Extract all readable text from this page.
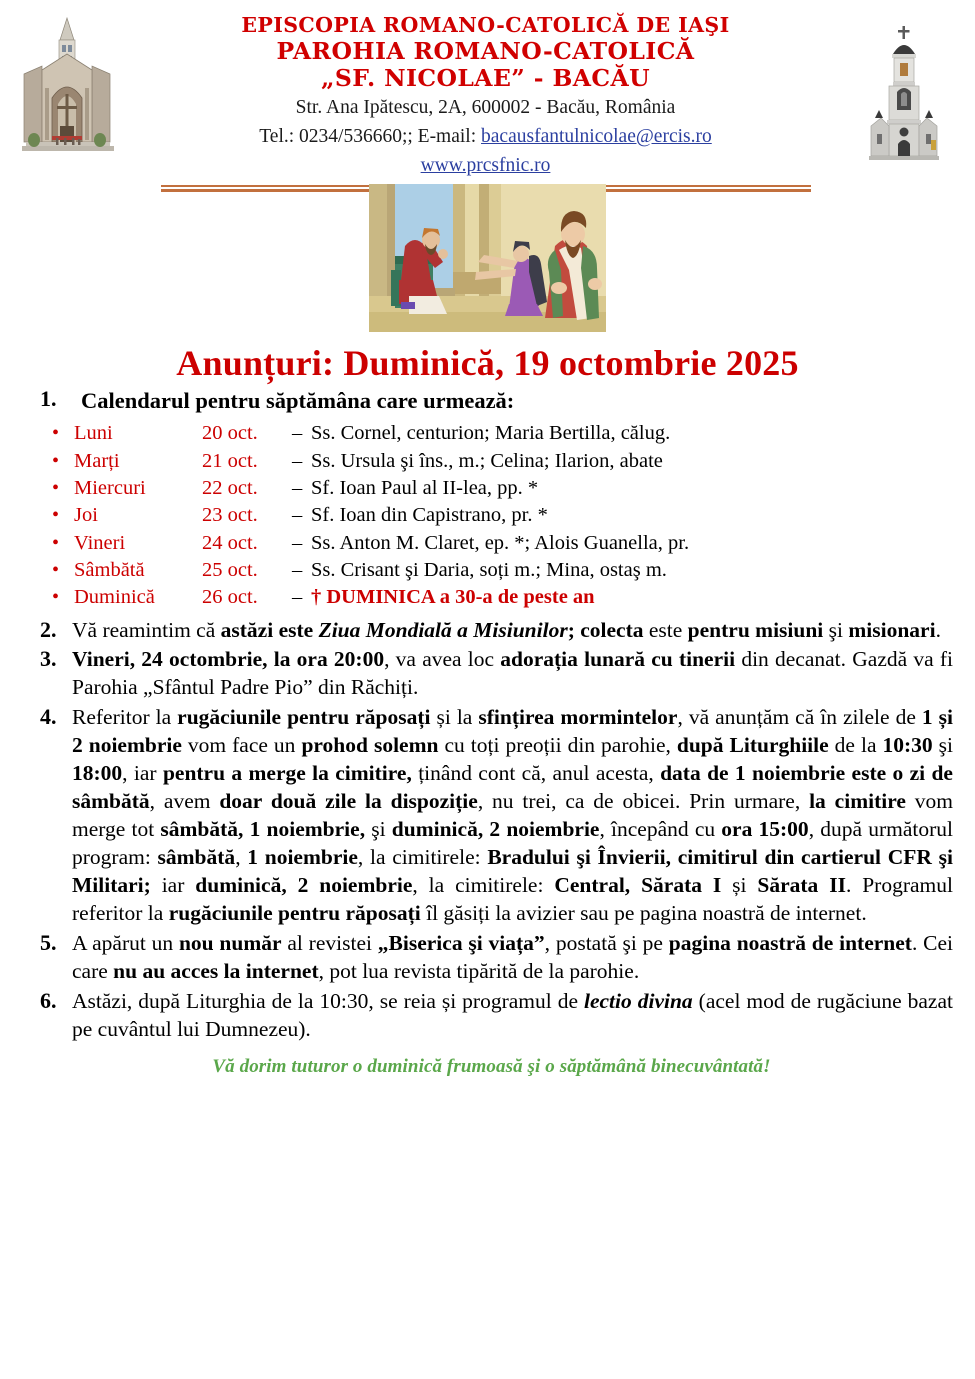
EPISCOPIA ROMANO-CATOLICĂ DE IAŞI
PAROHIA ROMANO-CATOLICĂ
„SF. NICOLAE” - BACĂU
Str. Ana Ipătescu, 2A, 600002 - Bacău, România
Tel.: 0234/536660;; E-mail: bacausfantulnicolae@ercis.ro
www.prcsfnic.ro
Anunțuri: Duminică, 19 octombrie 2025
1.	Calendarul pentru săptămâna care urmează:
•	Luni	20 oct.	–	Ss. Cornel, centurion; Maria Bertilla, călug.
•	Marți	21 oct.	–	Ss. Ursula şi îns., m.; Celina; Ilarion, abate
•	Miercuri	22 oct.	–	Sf. Ioan Paul al II-lea, pp. *
•	Joi	23 oct.	–	Sf. Ioan din Capistrano, pr. *
•	Vineri	24 oct.	–	Ss. Anton M. Claret, ep. *; Alois Guanella, pr.
•	Sâmbătă	25 oct.	–	Ss. Crisant şi Daria, soți m.; Mina, ostaş m.
•	Duminică	26 oct.	–	† DUMINICA a 30-a de peste an
2. Vă reamintim că astăzi este Ziua Mondială a Misiunilor; colecta este pentru misiuni şi misionari.
3. Vineri, 24 octombrie, la ora 20:00, va avea loc adorația lunară cu tinerii din decanat. Gazdă va fi Parohia „Sfântul Padre Pio” din Răchiți.
4. Referitor la rugăciunile pentru răposați și la sfințirea mormintelor, vă anunțăm că în zilele de 1 și 2 noiembrie vom face un prohod solemn cu toți preoții din parohie, după Liturghiile de la 10:30 şi 18:00, iar pentru a merge la cimitire, ținând cont că, anul acesta, data de 1 noiembrie este o zi de sâmbătă, avem doar două zile la dispoziție, nu trei, ca de obicei. Prin urmare, la cimitire vom merge tot sâmbătă, 1 noiembrie, şi duminică, 2 noiembrie, începând cu ora 15:00, după următorul program: sâmbătă, 1 noiembrie, la cimitirele: Bradului şi Învierii, cimitirul din cartierul CFR şi Militari; iar duminică, 2 noiembrie, la cimitirele: Central, Sărata I și Sărata II. Programul referitor la rugăciunile pentru răposați îl găsiți la avizier sau pe pagina noastră de internet.
5. A apărut un nou număr al revistei „Biserica şi viața”, postată şi pe pagina noastră de internet. Cei care nu au acces la internet, pot lua revista tipărită de la parohie.
6. Astăzi, după Liturghia de la 10:30, se reia și programul de lectio divina (acel mod de rugăciune bazat pe cuvântul lui Dumnezeu).
Vă dorim tuturor o duminică frumoasă şi o săptămână binecuvântată!
